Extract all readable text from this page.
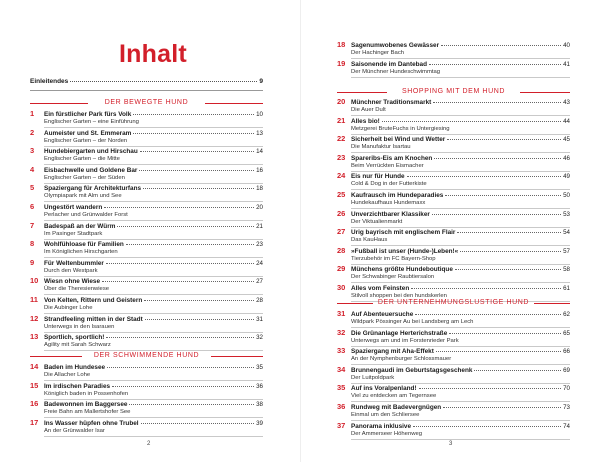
Inhalt
Einleitendes	9
DER BEWEGTE HUND
1	Ein fürstlicher Park fürs Volk	10
Englischer Garten – eine Einführung
2	Aumeister und St. Emmeram	13
Englischer Garten – der Norden
3	Hundebiergarten und Hirschau	14
Englischer Garten – die Mitte
4	Eisbachwelle und Goldene Bar	16
Englischer Garten – der Süden
5	Spaziergang für Architekturfans	18
Olympiapark mit Alm und See
6	Ungestört wandern	20
Perlacher und Grünwalder Forst
7	Badespaß an der Würm	21
Im Pasinger Stadtpark
8	Wohlfühloase für Familien	23
Im Königlichen Hirschgarten
9	Für Weltenbummler	24
Durch den Westpark
10 Wiesn ohne Wiese	27
Über die Theresienwiese
11 Von Kelten, Rittern und Geistern	28
Die Aubinger Lohe
12 Strandfeeling mitten in der Stadt	31
Unterwegs in den Isarauen
13 Sportlich, sportlich!	32
Agility mit Sarah Schwarz
DER SCHWIMMENDE HUND
14 Baden im Hundesee	35
Die Allacher Lohe
15 Im irdischen Paradies	36
Königlich baden in Possenhofen
16 Badewonnen im Baggersee	38
Freie Bahn am Mallertshofer See
17 Ins Wasser hüpfen ohne Trubel	39
An der Grünwalder Isar
18 Sagenumwobenes Gewässer	40
Der Hachinger Bach
19 Saisonende im Dantebad	41
Der Münchner Hundeschwimmtag
SHOPPING MIT DEM HUND
20 Münchner Traditionsmarkt	43
Die Auer Dult
21 Alles bio!	44
Metzgerei BruteFuchs in Untergiesing
22 Sicherheit bei Wind und Wetter	45
Die Manufaktur Isartau
23 Spareribs-Eis am Knochen	46
Beim Verrückten Eismacher
24 Eis nur für Hunde	49
Cold & Dog in der Futterkiste
25 Kaufrausch im Hundeparadies	50
Hundekaufhaus Hundemaxx
26 Unverzichtbarer Klassiker	53
Der Viktualienmarkt
27 Urig bayrisch mit englischem Flair	54
Das KauHaus
28 »Fußball ist unser (Hunde-)Leben!«	57
Tierzubehör im FC Bayern-Shop
29 Münchens größte Hundeboutique	58
Der Schwabinger Raubtiersalon
30 Alles vom Feinsten	61
Stilvoll shoppen bei den hundskerlen
DER UNTERNEHMUNGSLUSTIGE HUND
31 Auf Abenteuersuche	62
Wildpark Pössinger Au bei Landsberg am Lech
32 Die Grünanlage Herterichstraße	65
Unterwegs am und im Forstenrieder Park
33 Spaziergang mit Aha-Effekt	66
An der Nymphenburger Schlossmauer
34 Brunnengaudi im Geburtstagsgeschenk	69
Der Luitpoldpark
35 Auf ins Voralpenland!	70
Viel zu entdecken am Tegernsee
36 Rundweg mit Badevergnügen	73
Einmal um den Schliersee
37 Panorama inklusive	74
Der Ammerseer Höhenweg
2	3
